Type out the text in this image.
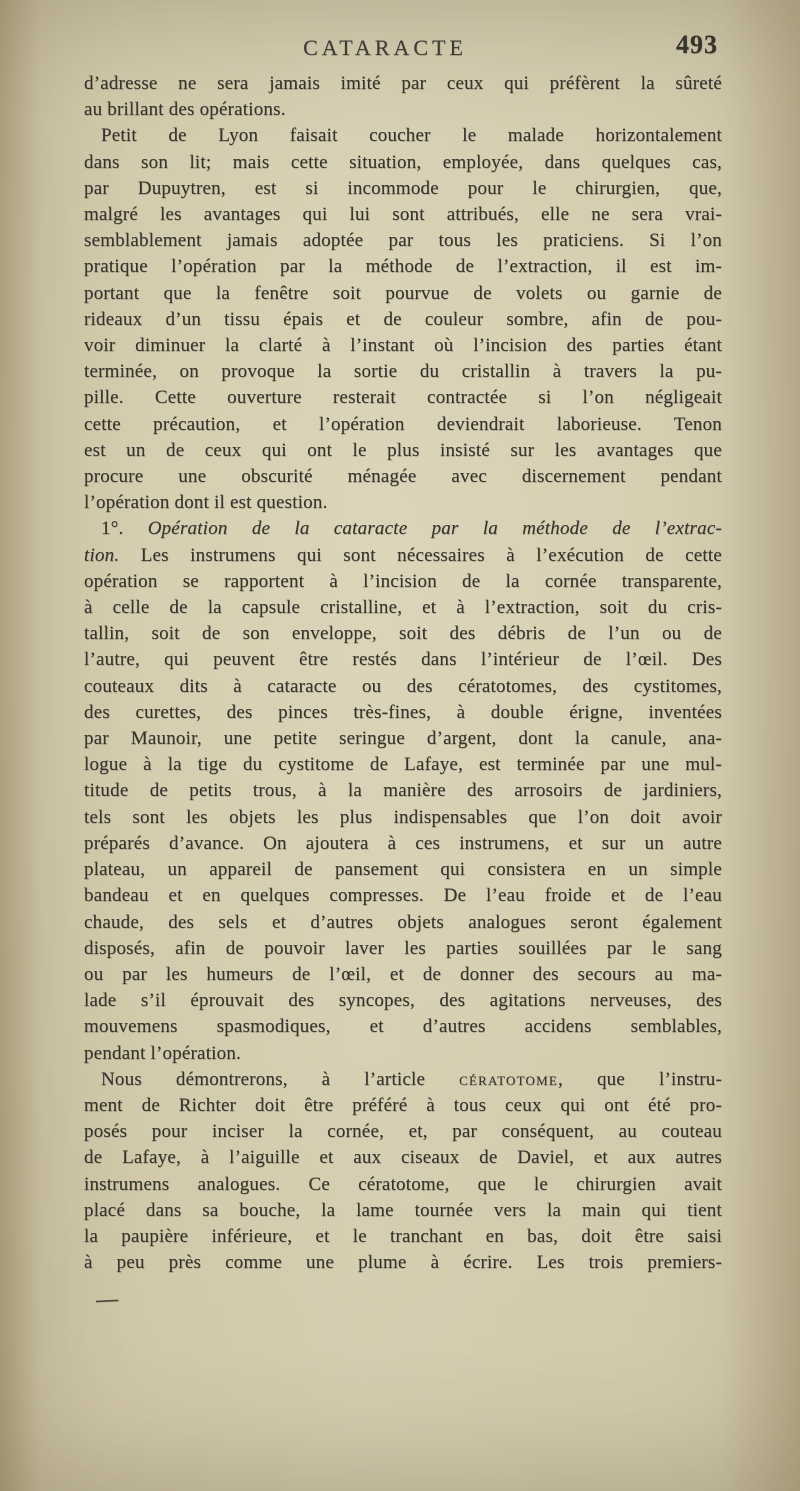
CATARACTE	493
d’adresse ne sera jamais imité par ceux qui préfèrent la sûreté
au brillant des opérations.
Petit de Lyon faisait coucher le malade horizontalement
dans son lit; mais cette situation, employée, dans quelques cas,
par Dupuytren, est si incommode pour le chirurgien, que,
malgré les avantages qui lui sont attribués, elle ne sera vrai-
semblablement jamais adoptée par tous les praticiens. Si l’on
pratique l’opération par la méthode de l’extraction, il est im-
portant que la fenêtre soit pourvue de volets ou garnie de
rideaux d’un tissu épais et de couleur sombre, afin de pou-
voir diminuer la clarté à l’instant où l’incision des parties étant
terminée, on provoque la sortie du cristallin à travers la pu-
pille. Cette ouverture resterait contractée si l’on négligeait
cette précaution, et l’opération deviendrait laborieuse. Tenon
est un de ceux qui ont le plus insisté sur les avantages que
procure une obscurité ménagée avec discernement pendant
l’opération dont il est question.
1°. Opération de la cataracte par la méthode de l’extrac-
tion. Les instrumens qui sont nécessaires à l’exécution de cette
opération se rapportent à l’incision de la cornée transparente,
à celle de la capsule cristalline, et à l’extraction, soit du cris-
tallin, soit de son enveloppe, soit des débris de l’un ou de
l’autre, qui peuvent être restés dans l’intérieur de l’œil. Des
couteaux dits à cataracte ou des cératotomes, des cystitomes,
des curettes, des pinces très-fines, à double érigne, inventées
par Maunoir, une petite seringue d’argent, dont la canule, ana-
logue à la tige du cystitome de Lafaye, est terminée par une mul-
titude de petits trous, à la manière des arrosoirs de jardiniers,
tels sont les objets les plus indispensables que l’on doit avoir
préparés d’avance. On ajoutera à ces instrumens, et sur un autre
plateau, un appareil de pansement qui consistera en un simple
bandeau et en quelques compresses. De l’eau froide et de l’eau
chaude, des sels et d’autres objets analogues seront également
disposés, afin de pouvoir laver les parties souillées par le sang
ou par les humeurs de l’œil, et de donner des secours au ma-
lade s’il éprouvait des syncopes, des agitations nerveuses, des
mouvemens spasmodiques, et d’autres accidens semblables,
pendant l’opération.
Nous démontrerons, à l’article cératotome, que l’instru-
ment de Richter doit être préféré à tous ceux qui ont été pro-
posés pour inciser la cornée, et, par conséquent, au couteau
de Lafaye, à l’aiguille et aux ciseaux de Daviel, et aux autres
instrumens analogues. Ce cératotome, que le chirurgien avait
placé dans sa bouche, la lame tournée vers la main qui tient
la paupière inférieure, et le tranchant en bas, doit être saisi
à peu près comme une plume à écrire. Les trois premiers-
—
